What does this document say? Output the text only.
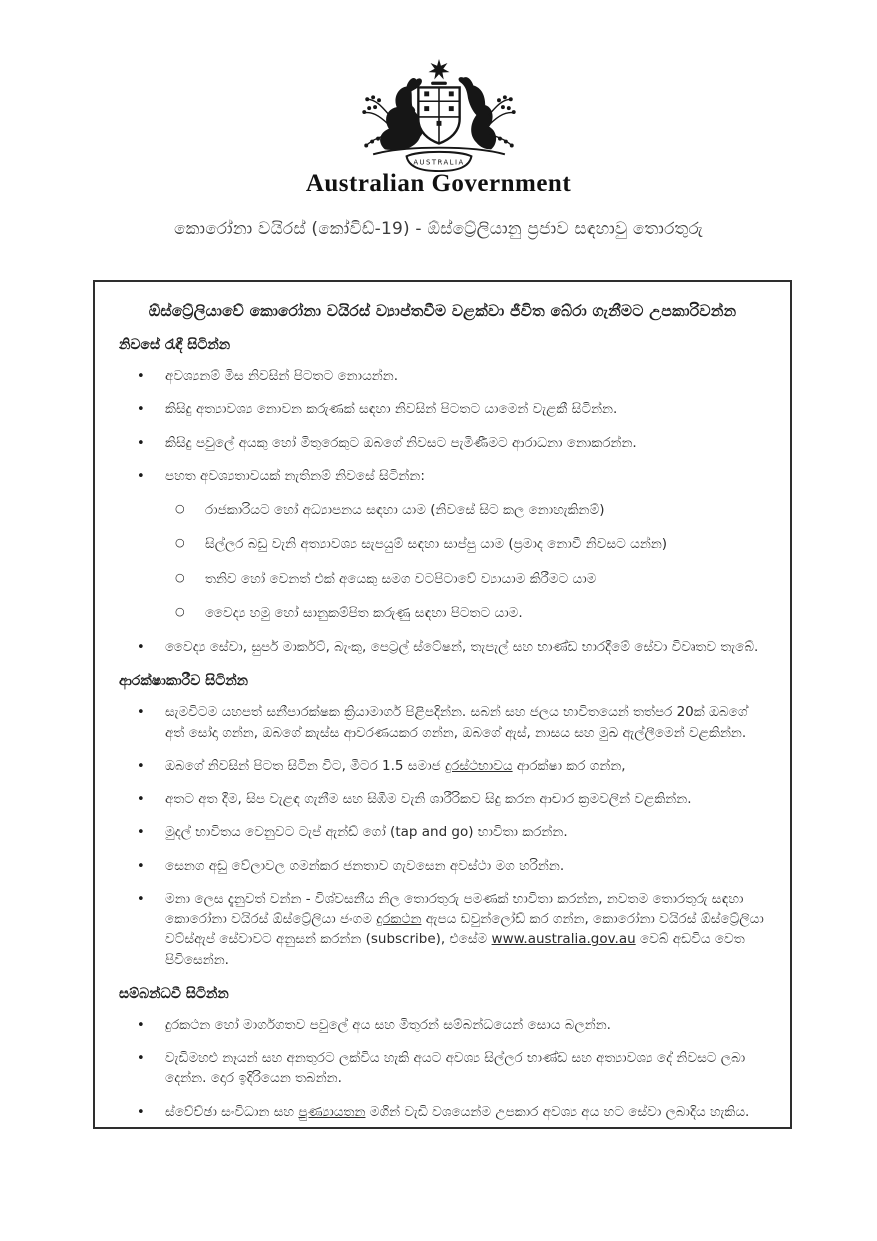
AUSTRALIA
Australian Government
කොරෝනා වයිරස් (කෝවිඩ්-19) - ඕස්ට්‍රේලියානු ප්‍රජාව සඳහාවු තොරතුරු
ඕස්ට්‍රේලියාවේ කොරෝනා වයිරස් ව්‍යාප්තවීම වළක්වා ජීවිත බේරා ගැනීමට උපකාරිවන්න
නිවසේ රැඳී සිටින්න
• අවශ්‍යනම් මිස නිවසින් පිටතට නොයන්න.
• කිසිදු අත්‍යාවශ්‍ය නොවන කරුණක් සඳහා නිවසින් පිටතට යාමෙන් වැළකී සිටින්න.
• කිසිදු පවුලේ අයකු හෝ මිතුරෙකුට ඔබගේ නිවසට පැමිණීමට ආරාධනා නොකරන්න.
• පහත අවශ්‍යතාවයක් නැතිනම් නිවසේ සිටින්න:
○ රාජකාරියට හෝ අධ්‍යාපනය සඳහා යාම (නිවසේ සිට කල නොහැකිනම්)
○ සිල්ලර බඩු වැනි අත්‍යාවශ්‍ය සැපයුම් සඳහා සාප්පු යාම (ප්‍රමාද නොවී නිවසට යන්න)
○ තනිව හෝ වෙනත් එක් අයෙකු සමග වටපිටාවේ ව්‍යායාම කිරීමට යාම
○ වෛද්‍ය හමු හෝ සානුකම්පිත කරුණු සඳහා පිටතට යාම.
• වෛද්‍ය සේවා, සුපර් මාර්කට්, බැංකු, පෙට්‍රල් ස්ටේෂන්, තැපැල් සහ භාණ්ඩ භාරදීමේ සේවා විවෘතව තැබේ.
ආරක්ෂාකාරීව සිටින්න
• සැමවිටම යහපත් සනීපාරක්ෂක ක්‍රියාමාර්ග පිළිපදින්න. සබන් සහ ජලය භාවිතයෙන් තත්පර 20ක් ඔබගේ අත් සෝදා ගන්න, ඔබගේ කැස්ස ආවරණයකර ගන්න, ඔබගේ ඇස්, නාසය සහ මුඛ ඇල්ලීමෙන් වළකින්න.
• ඔබගේ නිවසින් පිටත සිටින විට, මීටර 1.5 සමාජ දුරස්ථභාවය ආරක්ෂා කර ගන්න,
• අතට අත දීම, සිප වැළඳ ගැනීම සහ සිඹීම වැනි ශාරීරිකව සිදු කරන ආචාර ක්‍රමවලින් වළකින්න.
• මුදල් භාවිතය වෙනුවට ටැප් ඇන්ඩ් ගෝ (tap and go) භාවිතා කරන්න.
• සෙනග අඩු වේලාවල ගමන්කර ජනතාව ගැවසෙන අවස්ථා මග හරින්න.
• මනා ලෙස දැනුවත් වන්න - විශ්වසනීය නිල තොරතුරු පමණක් භාවිතා කරන්න, නවතම තොරතුරු සඳහා කොරෝනා වයිරස් ඕස්ට්‍රේලියා ජංගම දුරකථන ඇපය ඩවුන්ලෝඩ් කර ගන්න, කොරෝනා වයිරස් ඕස්ට්‍රේලියා වට්ස්ඇප් සේවාවට අනුසන් කරන්න (subscribe), එසේම www.australia.gov.au වෙබ් අඩවිය වෙත පිවිසෙන්න.
සම්බන්ධවී සිටින්න
• දුරකථන හෝ මාර්ගගතව පවුලේ අය සහ මිතුරන් සම්බන්ධයෙන් සොය බලන්න.
• වැඩිමහළු නෑයන් සහ අනතුරට ලක්විය හැකි අයට අවශ්‍ය සිල්ලර භාණ්ඩ සහ අත්‍යාවශ්‍ය දේ නිවසට ලබා දෙන්න. දොර ඉදිරියෙන තබන්න.
• ස්වේච්ඡා සංවිධාන සහ පුණ්‍යායතන මගින් වැඩි වශයෙන්ම උපකාර අවශ්‍ය අය හට සේවා ලබාදිය හැකිය.
